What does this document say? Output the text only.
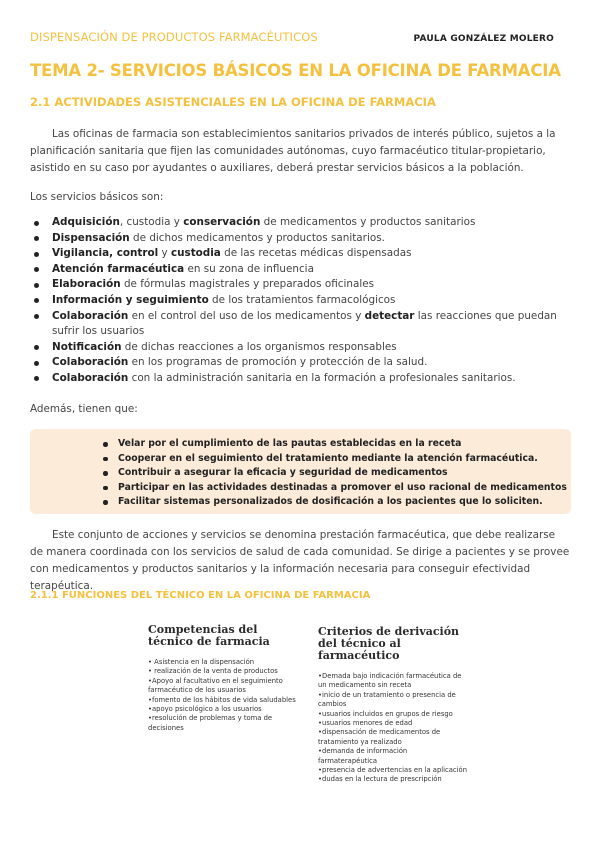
DISPENSACIÓN DE PRODUCTOS FARMACÉUTICOS	PAULA GONZÁLEZ MOLERO
TEMA 2- SERVICIOS BÁSICOS EN LA OFICINA DE FARMACIA
2.1 ACTIVIDADES ASISTENCIALES EN LA OFICINA DE FARMACIA

Las oficinas de farmacia son establecimientos sanitarios privados de interés público, sujetos a la planificación sanitaria que fijen las comunidades autónomas, cuyo farmacéutico titular-propietario, asistido en su caso por ayudantes o auxiliares, deberá prestar servicios básicos a la población.

Los servicios básicos son:

Adquisición, custodia y conservación de medicamentos y productos sanitarios
Dispensación de dichos medicamentos y productos sanitarios.
Vigilancia, control y custodia de las recetas médicas dispensadas
Atención farmacéutica en su zona de influencia
Elaboración de fórmulas magistrales y preparados oficinales
Información y seguimiento de los tratamientos farmacológicos
Colaboración en el control del uso de los medicamentos y detectar las reacciones que puedan sufrir los usuarios
Notificación de dichas reacciones a los organismos responsables
Colaboración en los programas de promoción y protección de la salud.
Colaboración con la administración sanitaria en la formación a profesionales sanitarios.

Además, tienen que:

Velar por el cumplimiento de las pautas establecidas en la receta
Cooperar en el seguimiento del tratamiento mediante la atención farmacéutica.
Contribuir a asegurar la eficacia y seguridad de medicamentos
Participar en las actividades destinadas a promover el uso racional de medicamentos
Facilitar sistemas personalizados de dosificación a los pacientes que lo soliciten.

Este conjunto de acciones y servicios se denomina prestación farmacéutica, que debe realizarse de manera coordinada con los servicios de salud de cada comunidad. Se dirige a pacientes y se provee con medicamentos y productos sanitarios y la información necesaria para conseguir efectividad terapéutica.

2.1.1 FUNCIONES DEL TÉCNICO EN LA OFICINA DE FARMACIA
Competencias del técnico de farmacia
• Asistencia en la dispensación
• realización de la venta de productos
•Apoyo al facultativo en el seguimiento farmacéutico de los usuarios
•fomento de los hábitos de vida saludables
•apoyo psicológico a los usuarios
•resolución de problemas y toma de decisiones
Criterios de derivación del técnico al farmacéutico
•Demada bajo indicación farmacéutica de un medicamento sin receta
•inicio de un tratamiento o presencia de cambios
•usuarios incluidos en grupos de riesgo
•usuarios menores de edad
•dispensación de medicamentos de tratamiento ya realizado
•demanda de información farmaterapéutica
•presencia de advertencias en la aplicación
•dudas en la lectura de prescripción
